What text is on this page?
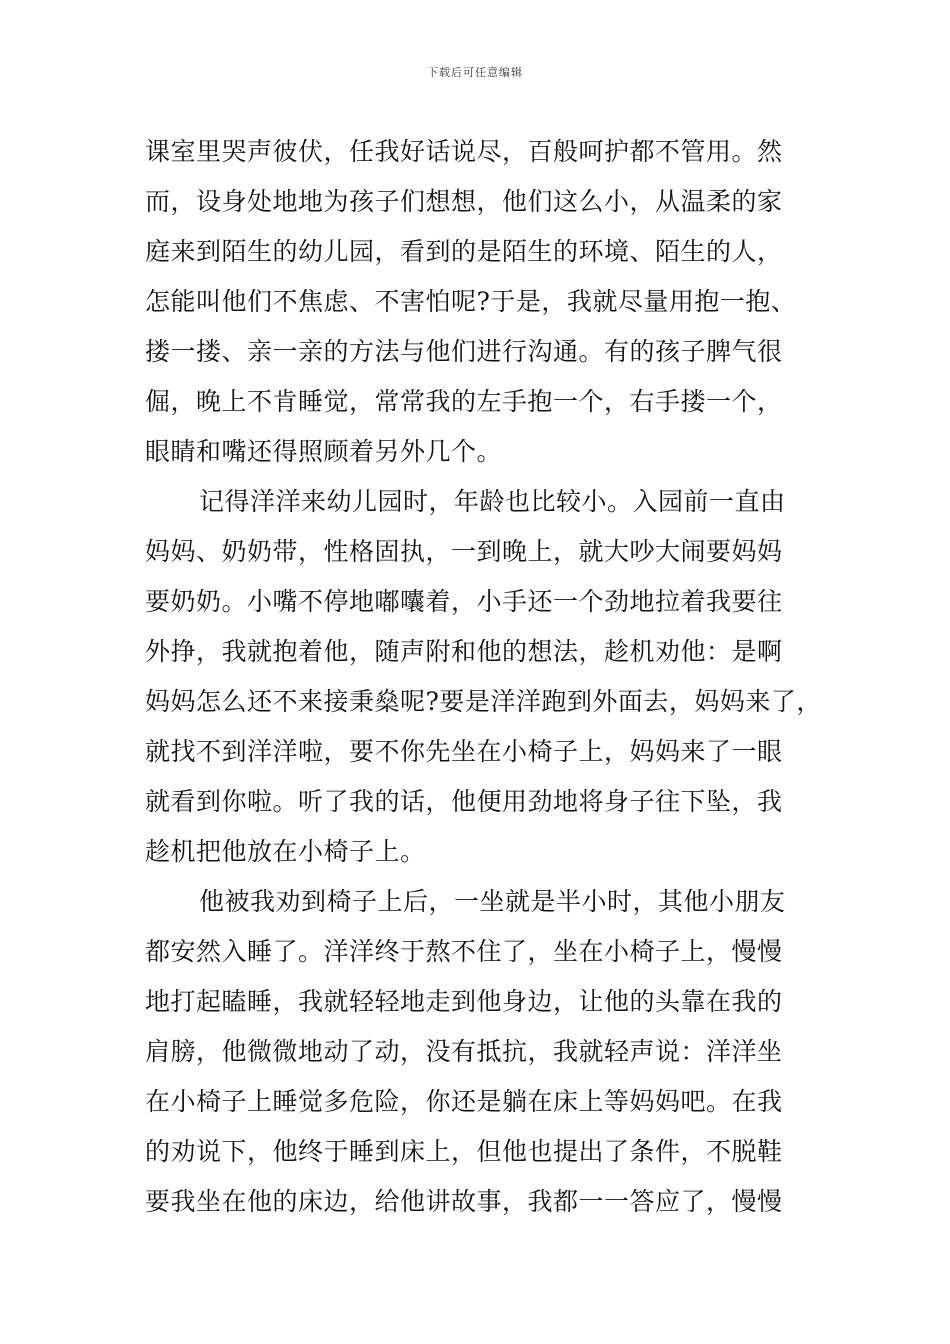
下载后可任意编辑
课室里哭声彼伏，任我好话说尽，百般呵护都不管用。然
而，设身处地地为孩子们想想，他们这么小，从温柔的家
庭来到陌生的幼儿园，看到的是陌生的环境、陌生的人，
怎能叫他们不焦虑、不害怕呢?于是，我就尽量用抱一抱、
搂一搂、亲一亲的方法与他们进行沟通。有的孩子脾气很
倔，晚上不肯睡觉，常常我的左手抱一个，右手搂一个，
眼睛和嘴还得照顾着另外几个。
记得洋洋来幼儿园时，年龄也比较小。入园前一直由
妈妈、奶奶带，性格固执，一到晚上，就大吵大闹要妈妈
要奶奶。小嘴不停地嘟囔着，小手还一个劲地拉着我要往
外挣，我就抱着他，随声附和他的想法，趁机劝他：是啊
妈妈怎么还不来接秉燊呢?要是洋洋跑到外面去，妈妈来了，
就找不到洋洋啦，要不你先坐在小椅子上，妈妈来了一眼
就看到你啦。听了我的话，他便用劲地将身子往下坠，我
趁机把他放在小椅子上。
他被我劝到椅子上后，一坐就是半小时，其他小朋友
都安然入睡了。洋洋终于熬不住了，坐在小椅子上，慢慢
地打起瞌睡，我就轻轻地走到他身边，让他的头靠在我的
肩膀，他微微地动了动，没有抵抗，我就轻声说：洋洋坐
在小椅子上睡觉多危险，你还是躺在床上等妈妈吧。在我
的劝说下，他终于睡到床上，但他也提出了条件，不脱鞋
要我坐在他的床边，给他讲故事，我都一一答应了，慢慢
